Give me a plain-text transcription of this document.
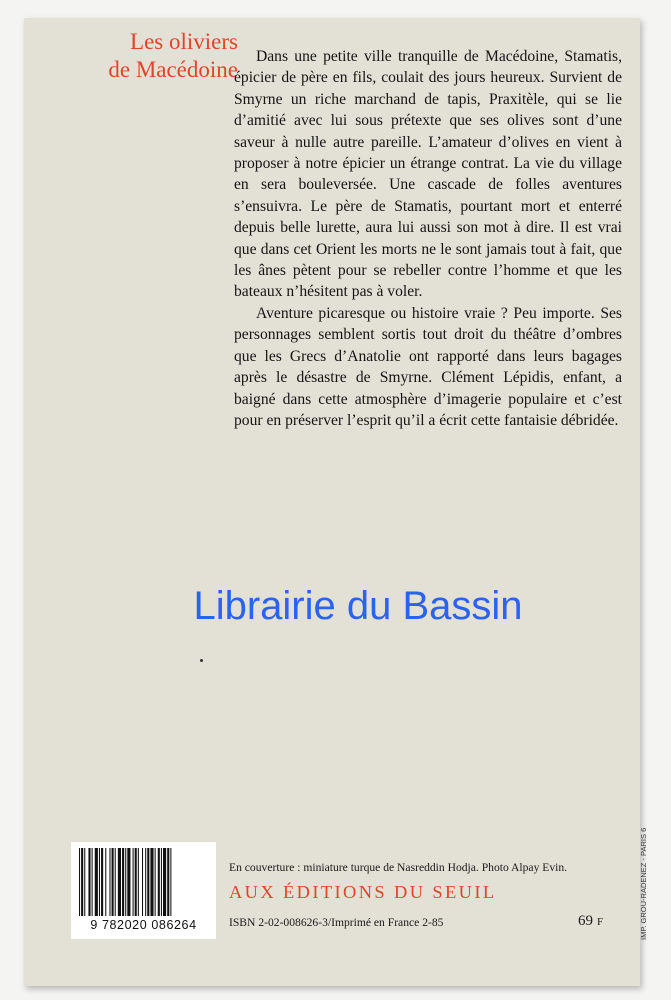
Les oliviers
de Macédoine

Dans une petite ville tranquille de Macédoine, Stamatis, épicier de père en fils, coulait des jours heureux. Survient de Smyrne un riche marchand de tapis, Praxitèle, qui se lie d’amitié avec lui sous prétexte que ses olives sont d’une saveur à nulle autre pareille. L’amateur d’olives en vient à proposer à notre épicier un étrange contrat. La vie du village en sera bouleversée. Une cascade de folles aventures s’ensuivra. Le père de Stamatis, pourtant mort et enterré depuis belle lurette, aura lui aussi son mot à dire. Il est vrai que dans cet Orient les morts ne le sont jamais tout à fait, que les ânes pètent pour se rebeller contre l’homme et que les bateaux n’hésitent pas à voler.

Aventure picaresque ou histoire vraie ? Peu importe. Ses personnages semblent sortis tout droit du théâtre d’ombres que les Grecs d’Anatolie ont rapporté dans leurs bagages après le désastre de Smyrne. Clément Lépidis, enfant, a baigné dans cette atmosphère d’imagerie populaire et c’est pour en préserver l’esprit qu’il a écrit cette fantaisie débridée.

Librairie du Bassin
9 782020 086264
En couverture : miniature turque de Nasreddin Hodja. Photo Alpay Evin.
AUX ÉDITIONS DU SEUIL
ISBN 2-02-008626-3/Imprimé en France 2-85	69 F	IMP. GROU-RADENEZ - PARIS 6
